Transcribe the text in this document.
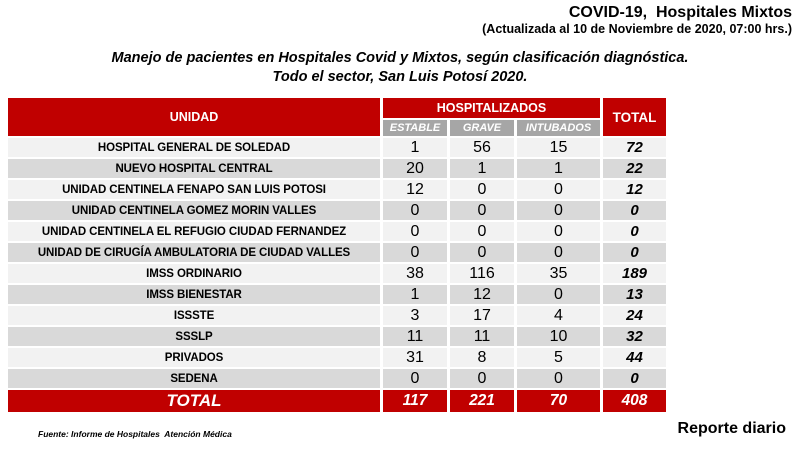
COVID-19,  Hospitales Mixtos
(Actualizada al 10 de Noviembre de 2020, 07:00 hrs.)
Manejo de pacientes en Hospitales Covid y Mixtos, según clasificación diagnóstica.
Todo el sector, San Luis Potosí 2020.
UNIDAD	HOSPITALIZADOS			TOTAL
	ESTABLE	GRAVE	INTUBADOS	
HOSPITAL GENERAL DE SOLEDAD	1	56	15	72
NUEVO HOSPITAL CENTRAL	20	1	1	22
UNIDAD CENTINELA FENAPO SAN LUIS POTOSI	12	0	0	12
UNIDAD CENTINELA GOMEZ MORIN VALLES	0	0	0	0
UNIDAD CENTINELA EL REFUGIO CIUDAD FERNANDEZ	0	0	0	0
UNIDAD DE CIRUGÍA AMBULATORIA DE CIUDAD VALLES	0	0	0	0
IMSS ORDINARIO	38	116	35	189
IMSS BIENESTAR	1	12	0	13
ISSSTE	3	17	4	24
SSSLP	11	11	10	32
PRIVADOS	31	8	5	44
SEDENA	0	0	0	0
TOTAL	117	221	70	408
Fuente: Informe de Hospitales  Atención Médica	Reporte diario
